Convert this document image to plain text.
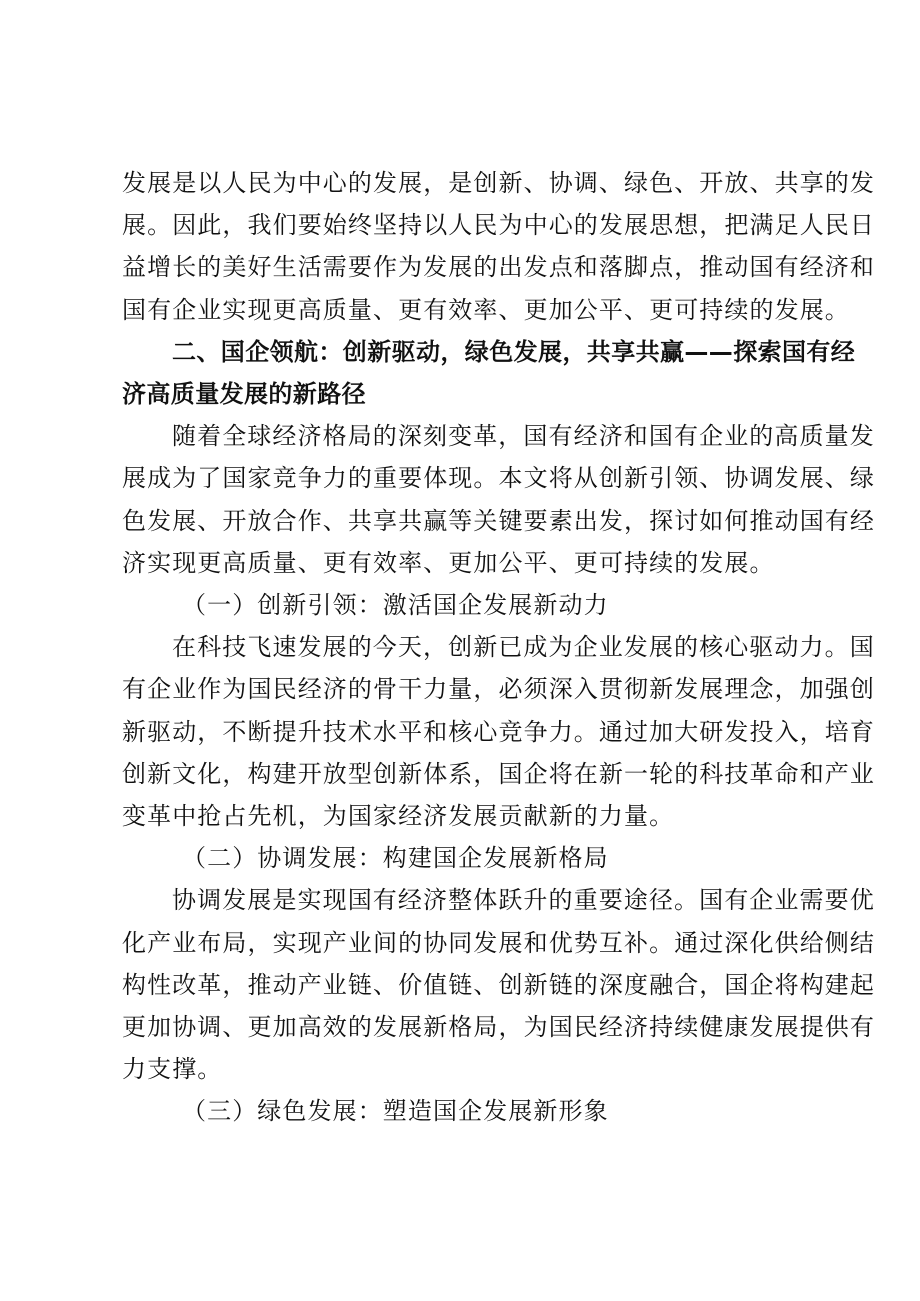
发展是以人民为中心的发展，是创新、协调、绿色、开放、共享的发
展。因此，我们要始终坚持以人民为中心的发展思想，把满足人民日
益增长的美好生活需要作为发展的出发点和落脚点，推动国有经济和
国有企业实现更高质量、更有效率、更加公平、更可持续的发展。
二、国企领航：创新驱动，绿色发展，共享共赢——探索国有经
济高质量发展的新路径
随着全球经济格局的深刻变革，国有经济和国有企业的高质量发
展成为了国家竞争力的重要体现。本文将从创新引领、协调发展、绿
色发展、开放合作、共享共赢等关键要素出发，探讨如何推动国有经
济实现更高质量、更有效率、更加公平、更可持续的发展。
（一）创新引领：激活国企发展新动力
在科技飞速发展的今天，创新已成为企业发展的核心驱动力。国
有企业作为国民经济的骨干力量，必须深入贯彻新发展理念，加强创
新驱动，不断提升技术水平和核心竞争力。通过加大研发投入，培育
创新文化，构建开放型创新体系，国企将在新一轮的科技革命和产业
变革中抢占先机，为国家经济发展贡献新的力量。
（二）协调发展：构建国企发展新格局
协调发展是实现国有经济整体跃升的重要途径。国有企业需要优
化产业布局，实现产业间的协同发展和优势互补。通过深化供给侧结
构性改革，推动产业链、价值链、创新链的深度融合，国企将构建起
更加协调、更加高效的发展新格局，为国民经济持续健康发展提供有
力支撑。
（三）绿色发展：塑造国企发展新形象
